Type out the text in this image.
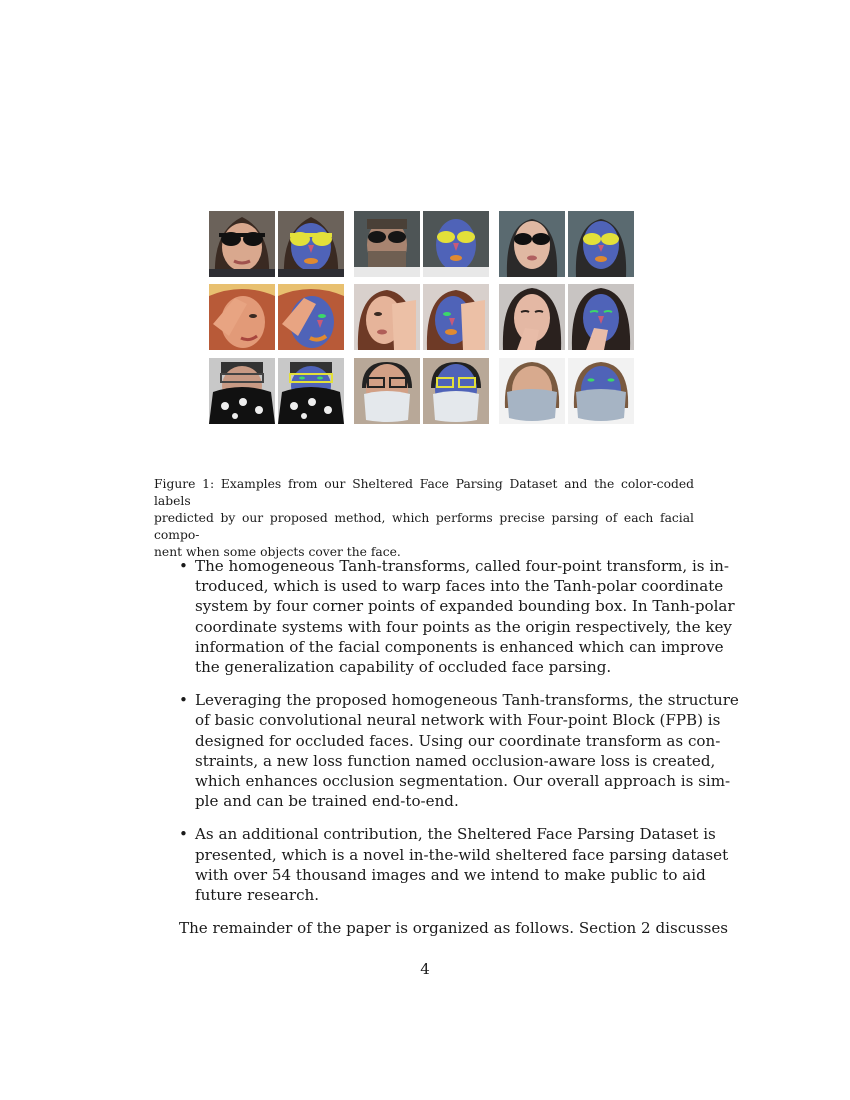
Figure 1: Examples from our Sheltered Face Parsing Dataset and the color-coded labels
predicted by our proposed method, which performs precise parsing of each facial compo-
nent when some objects cover the face.
• The homogeneous Tanh-transforms, called four-point transform, is in-
troduced, which is used to warp faces into the Tanh-polar coordinate
system by four corner points of expanded bounding box. In Tanh-polar
coordinate systems with four points as the origin respectively, the key
information of the facial components is enhanced which can improve
the generalization capability of occluded face parsing.
• Leveraging the proposed homogeneous Tanh-transforms, the structure
of basic convolutional neural network with Four-point Block (FPB) is
designed for occluded faces. Using our coordinate transform as con-
straints, a new loss function named occlusion-aware loss is created,
which enhances occlusion segmentation. Our overall approach is sim-
ple and can be trained end-to-end.
• As an additional contribution, the Sheltered Face Parsing Dataset is
presented, which is a novel in-the-wild sheltered face parsing dataset
with over 54 thousand images and we intend to make public to aid
future research.
The remainder of the paper is organized as follows. Section 2 discusses
4
